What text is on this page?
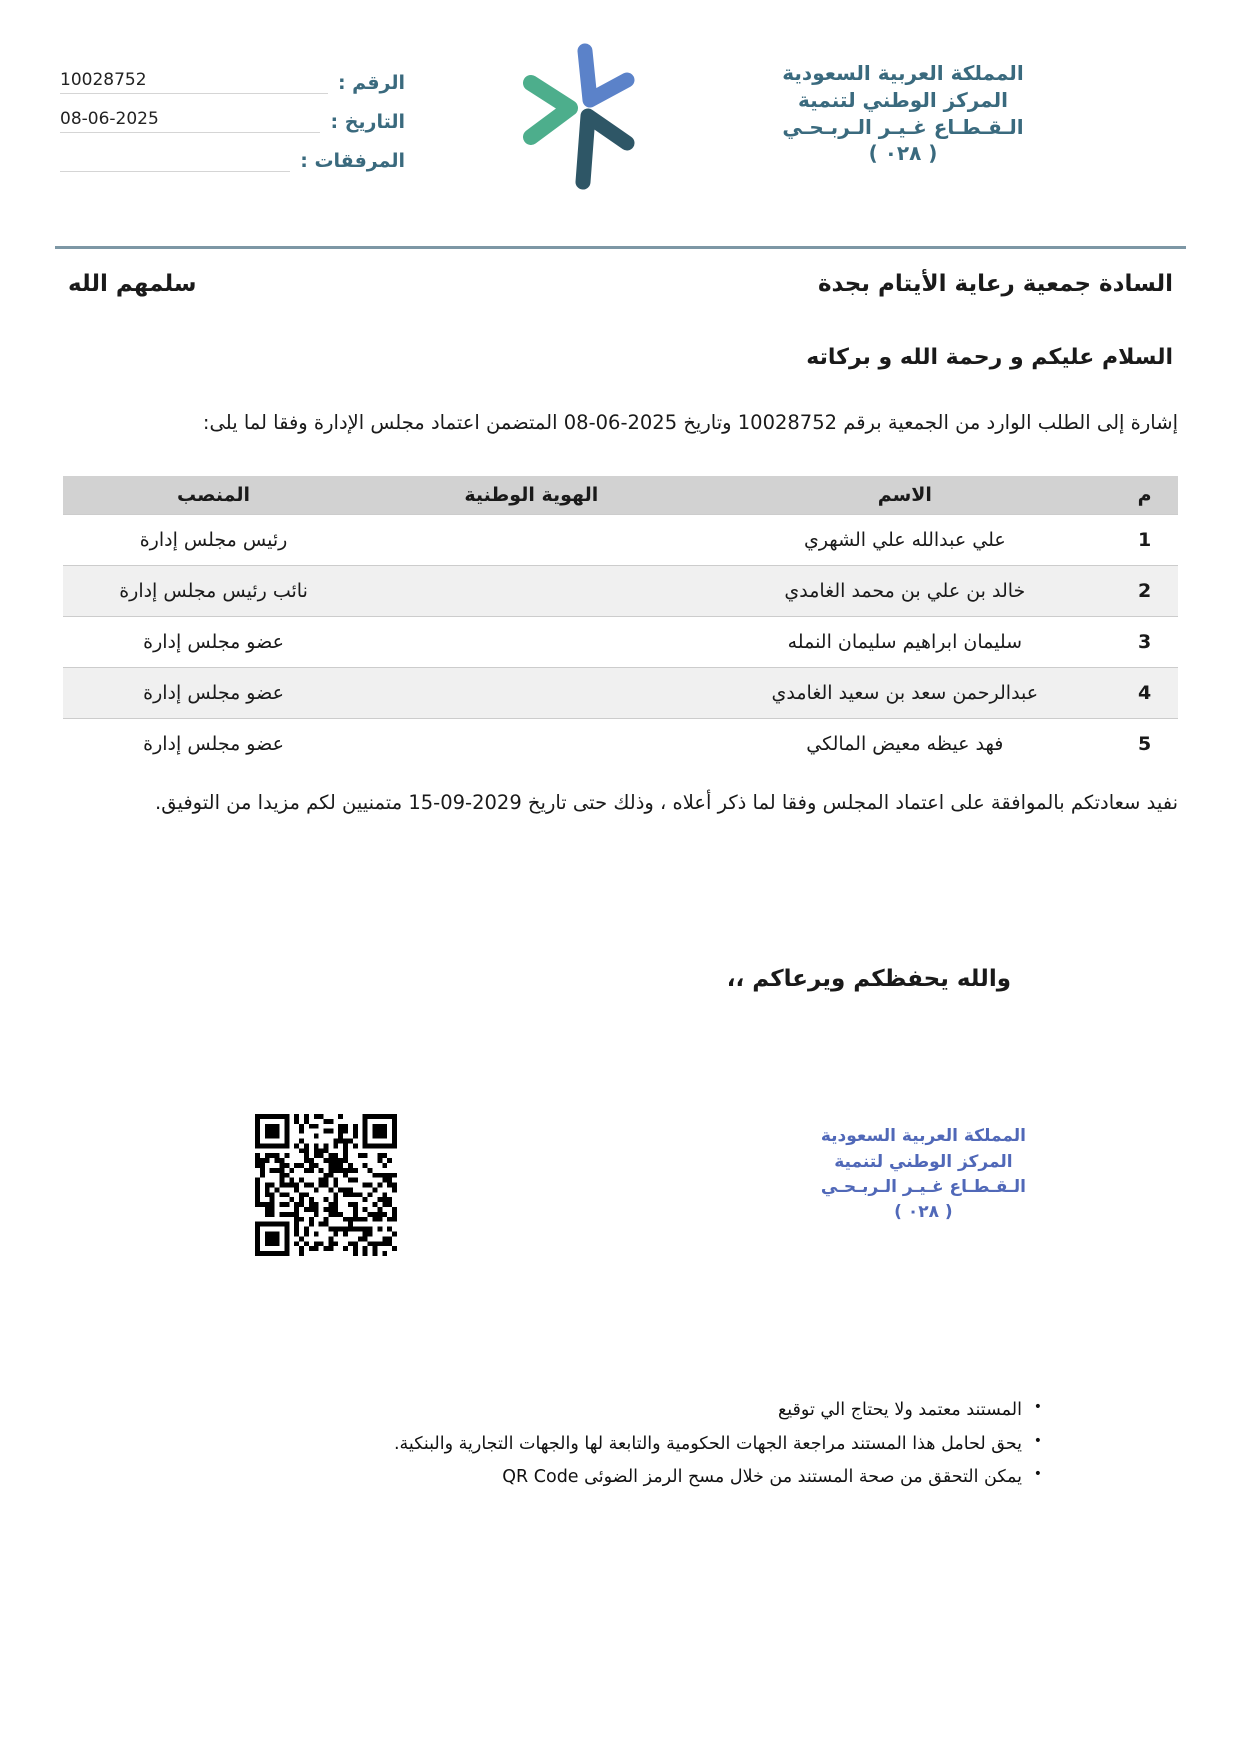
الرقم :
10028752
التاريخ :
08-06-2025
المرفقات :
المملكة العربية السعودية
المركز الوطني لتنمية
الـقـطـاع غـيـر الـربـحـي
( ٠٢٨ )
السادة جمعية رعاية الأيتام بجدة
سلمهم الله
السلام عليكم و رحمة الله و بركاته

إشارة إلى الطلب الوارد من الجمعية برقم 10028752 وتاريخ 2025-06-08 المتضمن اعتماد مجلس الإدارة وفقا لما يلى:

م	الاسم	الهوية الوطنية	المنصب
1	علي عبدالله علي الشهري		رئيس مجلس إدارة
2	خالد بن علي بن محمد الغامدي		نائب رئيس مجلس إدارة
3	سليمان ابراهيم سليمان النمله		عضو مجلس إدارة
4	عبدالرحمن سعد بن سعيد الغامدي		عضو مجلس إدارة
5	فهد عيظه معيض المالكي		عضو مجلس إدارة

نفيد سعادتكم بالموافقة على اعتماد المجلس وفقا لما ذكر أعلاه ، وذلك حتى تاريخ 2029-09-15 متمنيين لكم مزيدا من التوفيق.

والله يحفظكم ويرعاكم ،،
المملكة العربية السعودية
المركز الوطني لتنمية
الـقـطـاع غـيـر الـربـحـي
( ٠٢٨ )
• المستند معتمد ولا يحتاج الي توقيع
• يحق لحامل هذا المستند مراجعة الجهات الحكومية والتابعة لها والجهات التجارية والبنكية.
• يمكن التحقق من صحة المستند من خلال مسح الرمز الضوئى QR Code
